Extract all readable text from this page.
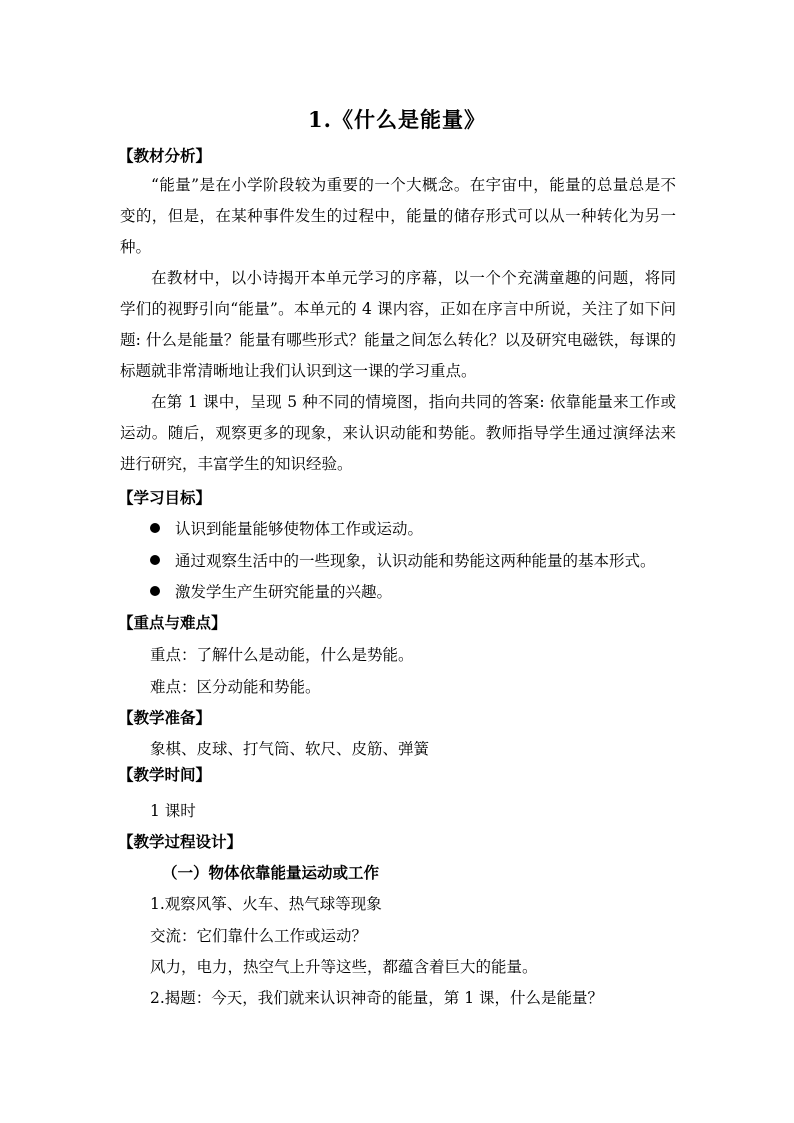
1.《什么是能量》
【教材分析】

“能量”是在小学阶段较为重要的一个大概念。在宇宙中，能量的总量总是不变的，但是，在某种事件发生的过程中，能量的储存形式可以从一种转化为另一种。

在教材中，以小诗揭开本单元学习的序幕，以一个个充满童趣的问题，将同学们的视野引向“能量”。本单元的 4 课内容，正如在序言中所说，关注了如下问题: 什么是能量？能量有哪些形式？能量之间怎么转化？以及研究电磁铁，每课的标题就非常清晰地让我们认识到这一课的学习重点。

在第 1 课中，呈现 5 种不同的情境图，指向共同的答案: 依靠能量来工作或运动。随后，观察更多的现象，来认识动能和势能。教师指导学生通过演绎法来进行研究，丰富学生的知识经验。

【学习目标】
认识到能量能够使物体工作或运动。
通过观察生活中的一些现象，认识动能和势能这两种能量的基本形式。
激发学生产生研究能量的兴趣。
【重点与难点】
重点：了解什么是动能，什么是势能。
难点：区分动能和势能。
【教学准备】
象棋、皮球、打气筒、软尺、皮筋、弹簧
【教学时间】
1 课时
【教学过程设计】
（一）物体依靠能量运动或工作
1.观察风筝、火车、热气球等现象
交流：它们靠什么工作或运动？
风力，电力，热空气上升等这些，都蕴含着巨大的能量。
2.揭题：今天，我们就来认识神奇的能量，第 1 课，什么是能量？
